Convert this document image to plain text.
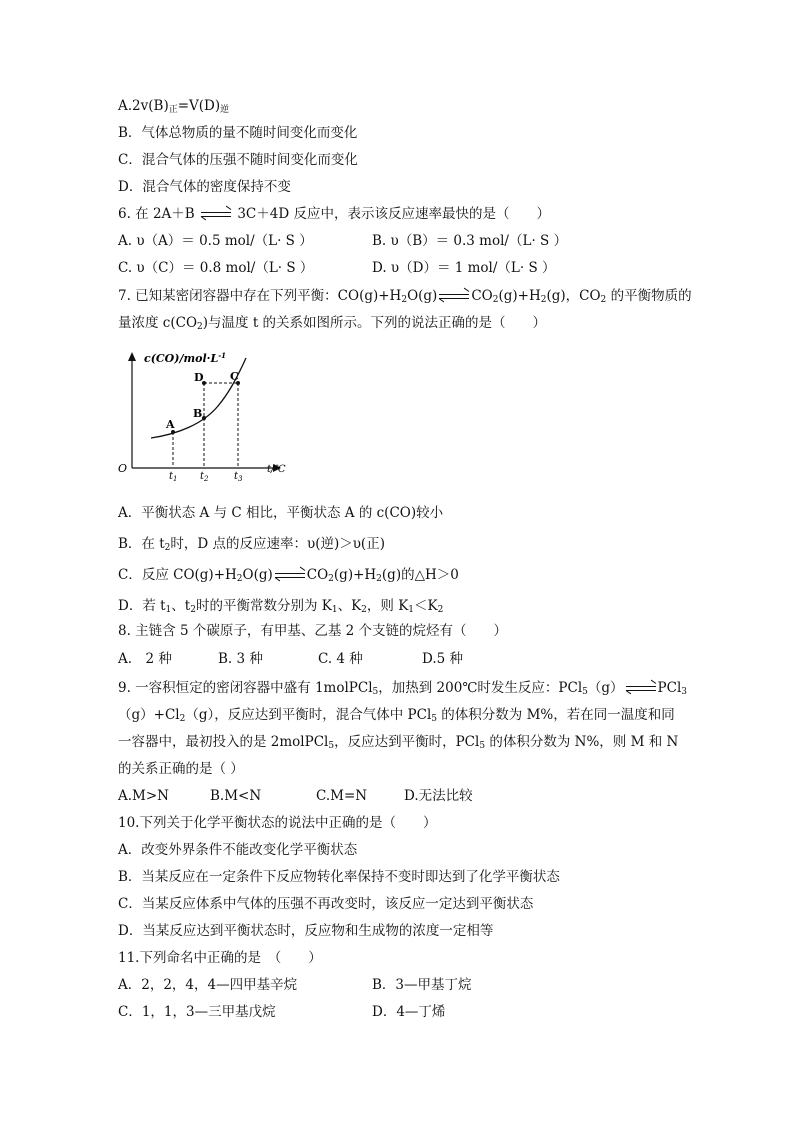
$A.2v(B)_正=V(D)_逆$
B．气体总物质的量不随时间变化而变化
C．混合气体的压强不随时间变化而变化
D．混合气体的密度保持不变
6. 在 2A＋B	3C＋4D 反应中，表示该反应速率最快的是（　　）
A. υ（A）＝ 0.5 mol/（L· S ）	B. υ（B）＝ 0.3 mol/（L· S ）
C. υ（C）＝ 0.8 mol/（L· S ）	D. υ（D）＝ 1 mol/（L· S ）
7. 已知某密闭容器中存在下列平衡：$CO(g)+H_2O(g)$	$CO_2(g)+H_2(g)$，$CO_2$ 的平衡物质的
量浓度 $c(CO_2)$与温度 t 的关系如图所示。下列的说法正确的是（　　）
$c(CO)/mol\cdot L^{-1}$
t/℃
O
A
B
D C
$t_1$ $t_2$	$t_3$
A．平衡状态 A 与 C 相比，平衡状态 A 的 c(CO)较小
B．在 $t_2$时，D 点的反应速率：υ(逆)＞υ(正)
C．反应 $CO(g)+H_2O(g)$	$CO_2(g)+H_2(g)$的△H＞0
D．若 $t_1$、$t_2$时的平衡常数分别为 $K_1$、$K_2$，则 $K_1<K_2$
8. 主链含 5 个碳原子，有甲基、乙基 2 个支链的烷烃有（　　）
A.　2 种	B. 3 种	C. 4 种	D.5 种
9. 一容积恒定的密闭容器中盛有 1molPCl$_5$，加热到 200℃时发生反应：PCl$_5$（g）	PCl$_3$
$(g)+Cl_2(g)$，反应达到平衡时，混合气体中 PCl$_5$ 的体积分数为 M%，若在同一温度和同
一容器中，最初投入的是 2molPCl$_5$，反应达到平衡时，PCl$_5$ 的体积分数为 N%，则 M 和 N
的关系正确的是（ ）
A.M>N	B.M<N	C.M=N	D.无法比较
10.下列关于化学平衡状态的说法中正确的是（　　）
A．改变外界条件不能改变化学平衡状态
B．当某反应在一定条件下反应物转化率保持不变时即达到了化学平衡状态
C．当某反应体系中气体的压强不再改变时，该反应一定达到平衡状态
D．当某反应达到平衡状态时，反应物和生成物的浓度一定相等
11.下列命名中正确的是　（　　）
A．2，2，4，4—四甲基辛烷	B．3—甲基丁烷
C．1，1，3—三甲基戊烷	D．4—丁烯
